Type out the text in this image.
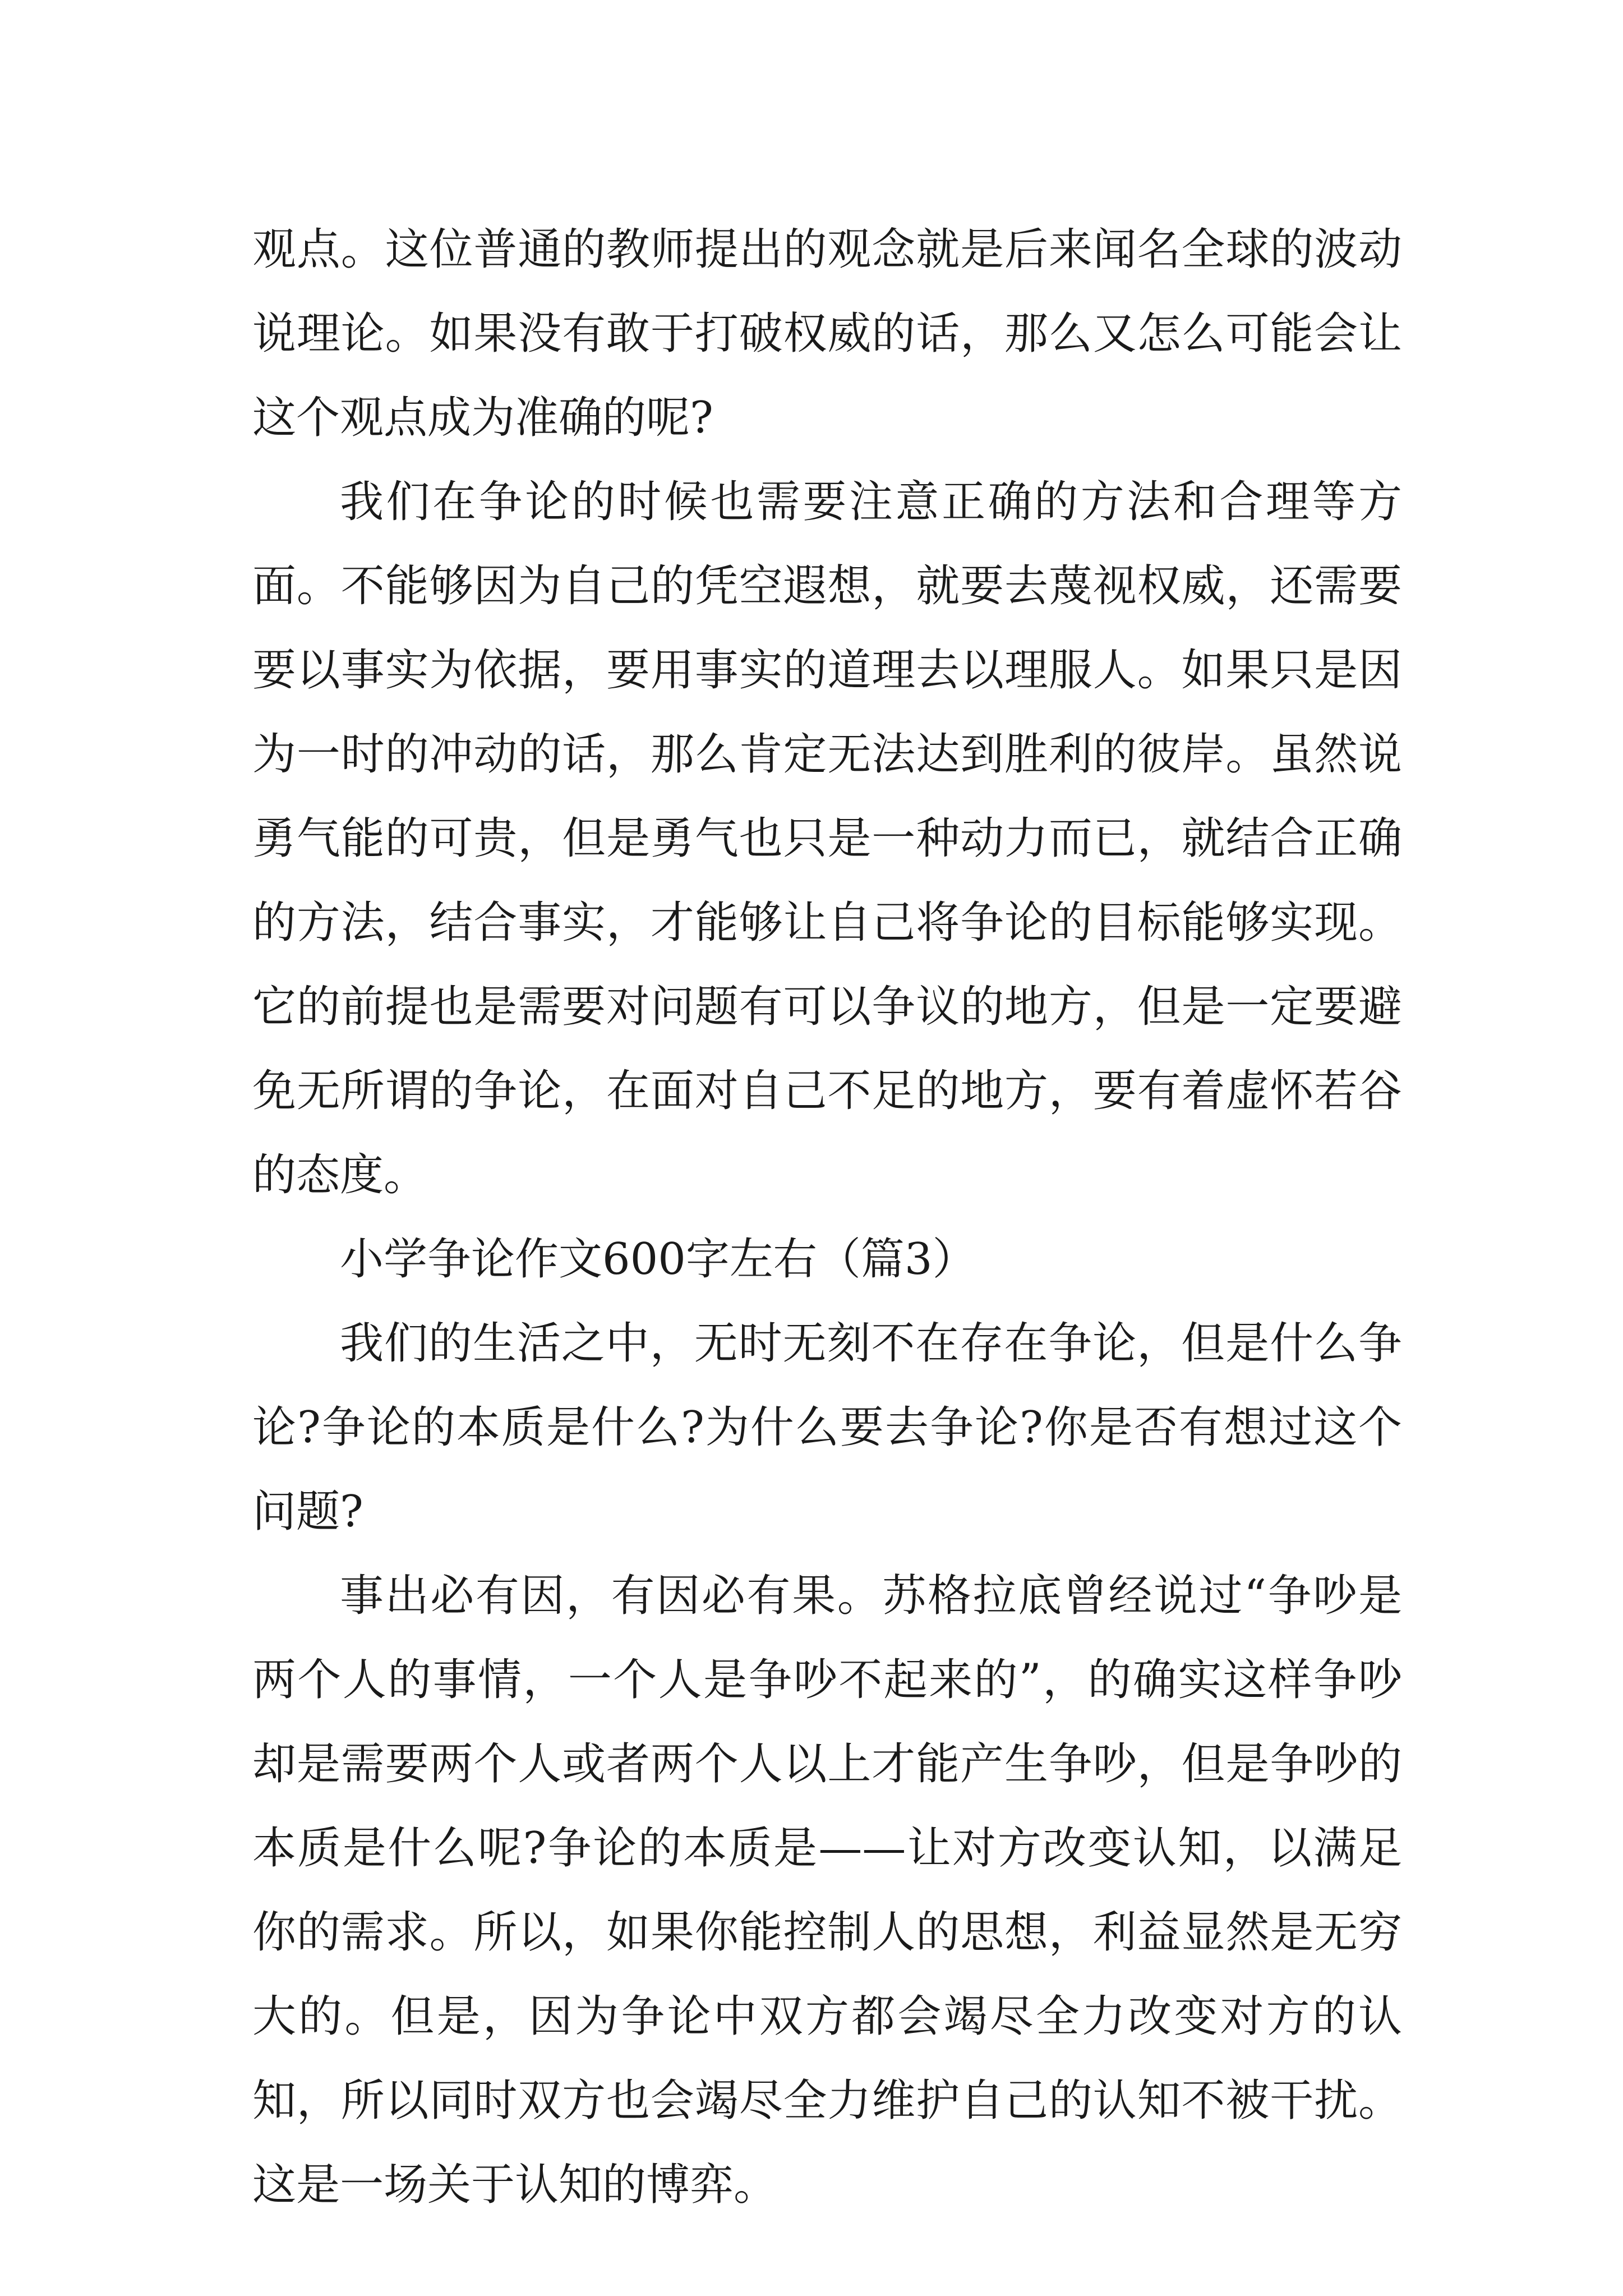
观点。这位普通的教师提出的观念就是后来闻名全球的波动说理论。如果没有敢于打破权威的话，那么又怎么可能会让这个观点成为准确的呢?

我们在争论的时候也需要注意正确的方法和合理等方面。不能够因为自己的凭空遐想，就要去蔑视权威，还需要要以事实为依据，要用事实的道理去以理服人。如果只是因为一时的冲动的话，那么肯定无法达到胜利的彼岸。虽然说勇气能的可贵，但是勇气也只是一种动力而已，就结合正确的方法，结合事实，才能够让自己将争论的目标能够实现。它的前提也是需要对问题有可以争议的地方，但是一定要避免无所谓的争论，在面对自己不足的地方，要有着虚怀若谷的态度。

小学争论作文600字左右（篇3）

我们的生活之中，无时无刻不在存在争论，但是什么争论?争论的本质是什么?为什么要去争论?你是否有想过这个问题?

事出必有因，有因必有果。苏格拉底曾经说过“争吵是两个人的事情，一个人是争吵不起来的”，的确实这样争吵却是需要两个人或者两个人以上才能产生争吵，但是争吵的本质是什么呢?争论的本质是——让对方改变认知，以满足你的需求。所以，如果你能控制人的思想，利益显然是无穷大的。但是，因为争论中双方都会竭尽全力改变对方的认知，所以同时双方也会竭尽全力维护自己的认知不被干扰。这是一场关于认知的博弈。
